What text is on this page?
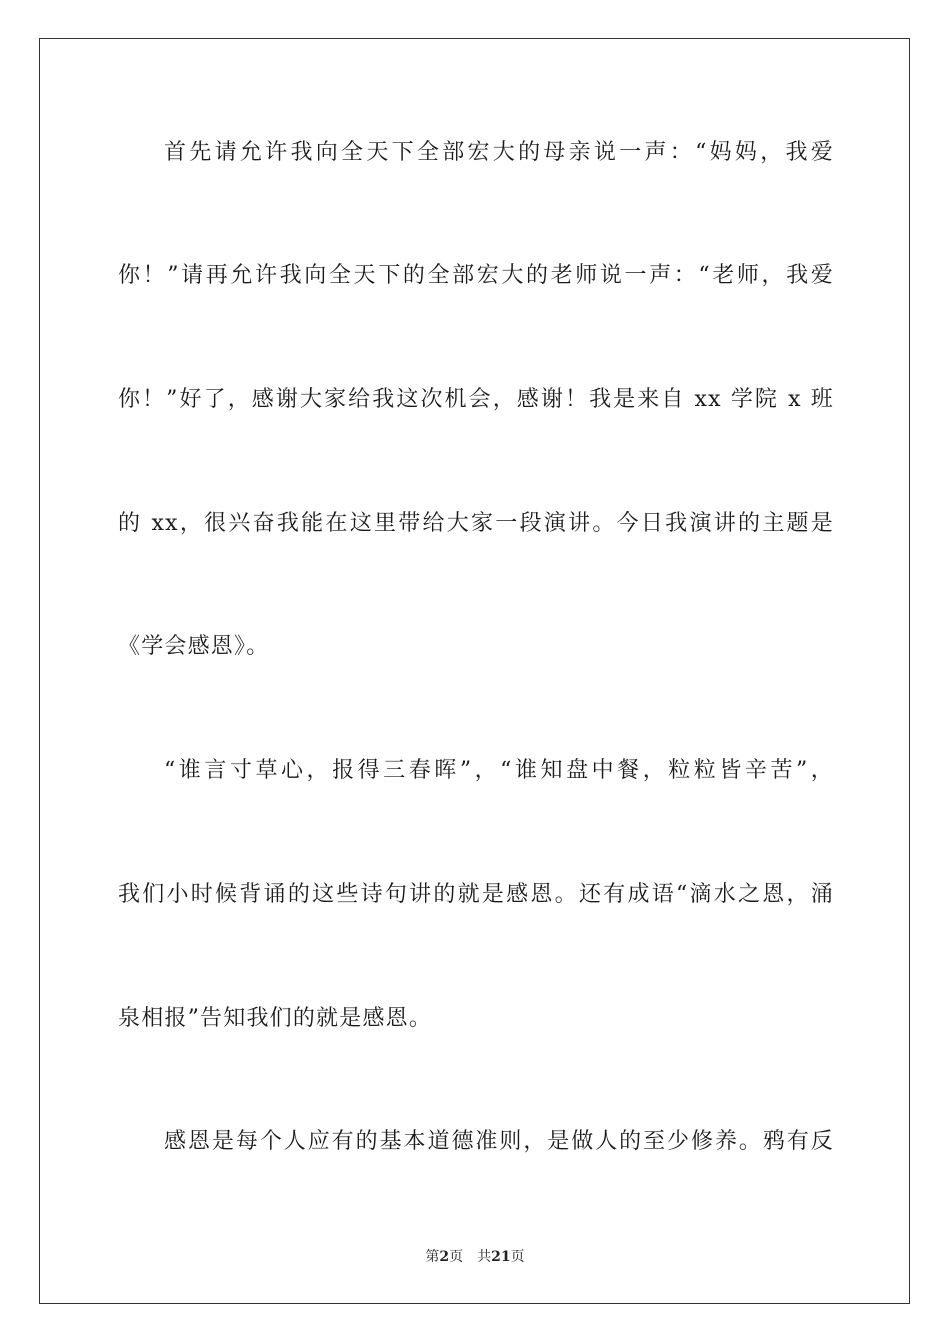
首先请允许我向全天下全部宏大的母亲说一声：“妈妈，我爱
你！”请再允许我向全天下的全部宏大的老师说一声：“老师，我爱
你！”好了，感谢大家给我这次机会，感谢！我是来自 xx 学院 x 班
的 xx，很兴奋我能在这里带给大家一段演讲。今日我演讲的主题是
《学会感恩》。
“谁言寸草心，报得三春晖”，“谁知盘中餐，粒粒皆辛苦”，
我们小时候背诵的这些诗句讲的就是感恩。还有成语“滴水之恩，涌
泉相报”告知我们的就是感恩。
感恩是每个人应有的基本道德准则，是做人的至少修养。鸦有反
第2页 共21页
